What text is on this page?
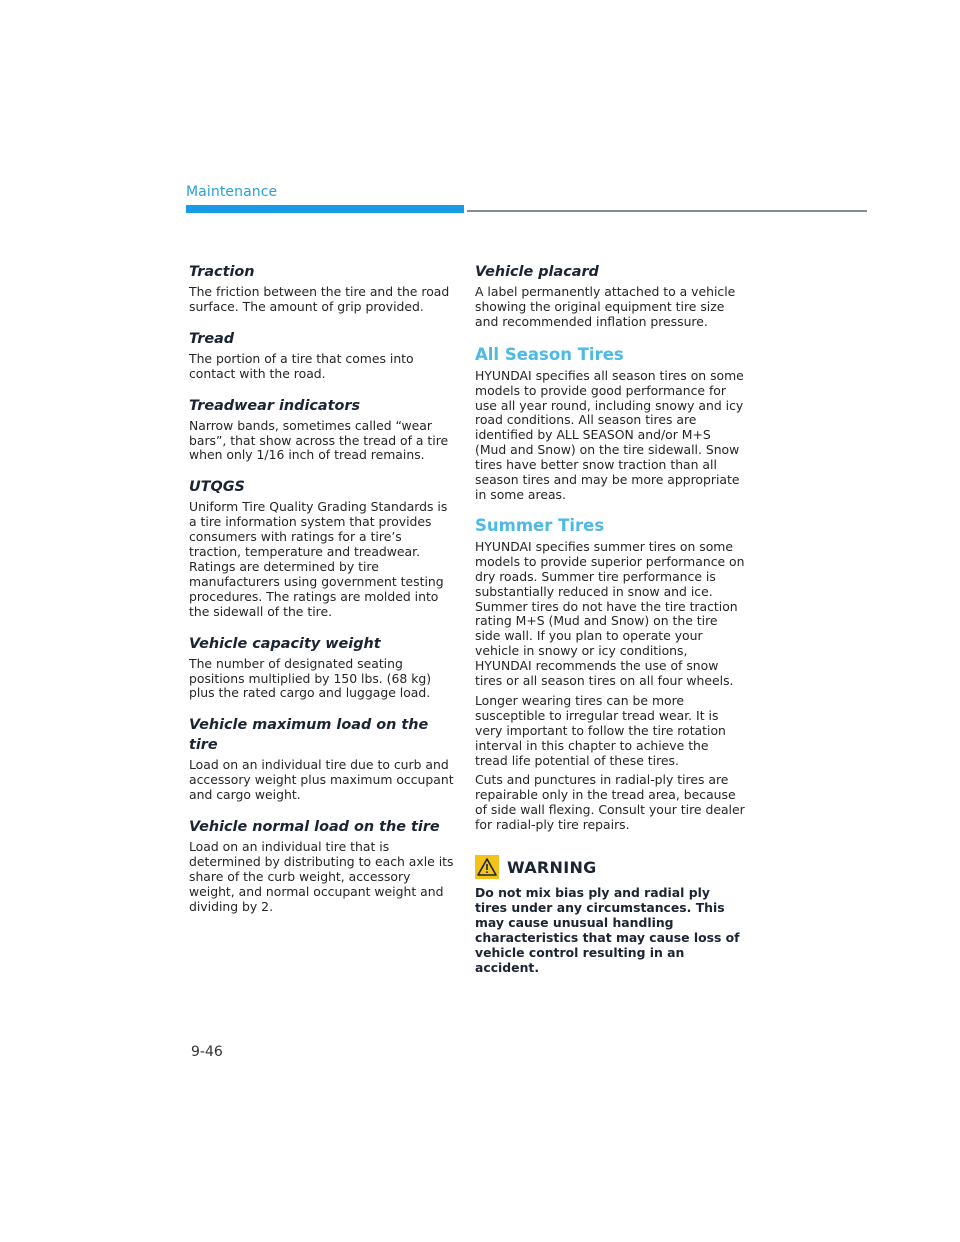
Maintenance
Traction

The friction between the tire and the road surface. The amount of grip provided.

Tread

The portion of a tire that comes into contact with the road.

Treadwear indicators

Narrow bands, sometimes called “wear bars”, that show across the tread of a tire when only 1/16 inch of tread remains.

UTQGS

Uniform Tire Quality Grading Standards is a tire information system that provides consumers with ratings for a tire’s traction, temperature and treadwear. Ratings are determined by tire manufacturers using government testing procedures. The ratings are molded into the sidewall of the tire.

Vehicle capacity weight

The number of designated seating positions multiplied by 150 lbs. (68 kg) plus the rated cargo and luggage load.

Vehicle maximum load on the tire

Load on an individual tire due to curb and accessory weight plus maximum occupant and cargo weight.

Vehicle normal load on the tire

Load on an individual tire that is determined by distributing to each axle its share of the curb weight, accessory weight, and normal occupant weight and dividing by 2.

Vehicle placard

A label permanently attached to a vehicle showing the original equipment tire size and recommended inflation pressure.

All Season Tires

HYUNDAI specifies all season tires on some models to provide good performance for use all year round, including snowy and icy road conditions. All season tires are identified by ALL SEASON and/or M+S (Mud and Snow) on the tire sidewall. Snow tires have better snow traction than all season tires and may be more appropriate in some areas.

Summer Tires

HYUNDAI specifies summer tires on some models to provide superior performance on dry roads. Summer tire performance is substantially reduced in snow and ice. Summer tires do not have the tire traction rating M+S (Mud and Snow) on the tire side wall. If you plan to operate your vehicle in snowy or icy conditions, HYUNDAI recommends the use of snow tires or all season tires on all four wheels.

Longer wearing tires can be more susceptible to irregular tread wear. It is very important to follow the tire rotation interval in this chapter to achieve the tread life potential of these tires.

Cuts and punctures in radial-ply tires are repairable only in the tread area, because of side wall flexing. Consult your tire dealer for radial-ply tire repairs.

WARNING

Do not mix bias ply and radial ply tires under any circumstances. This may cause unusual handling characteristics that may cause loss of vehicle control resulting in an accident.

9-46
